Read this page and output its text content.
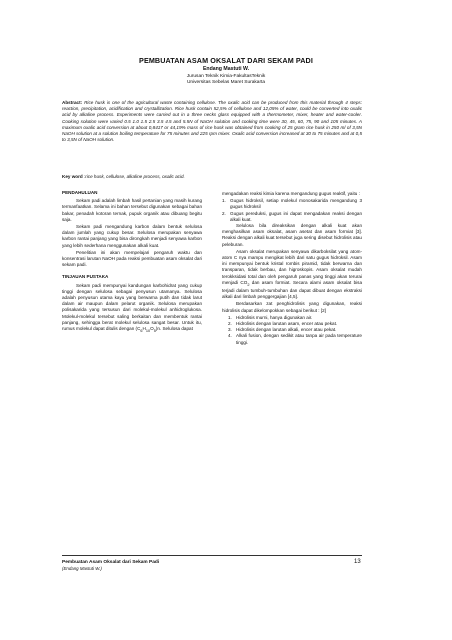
PEMBUATAN ASAM OKSALAT DARI SEKAM PADI
Endang Mastuti W.
Jurusan Teknik Kimia-FakultasTeknik
Universitas Sebelas Maret Surakarta
Abstract: Rice husk is one of the agricultural waste containing cellulose. The oxalic acid can be produced from this material through 4 steps: reaction, precipitation, acidification and crystallization. Rice husk contain 52,5% of cellulose and 12,05% of water, could be converted into oxalic acid by alkaline process. Experiments were carried out in a three necks glass equipped with a thermometer, mixer, heater and water-cooler. Cooking solution were varied 0.5 1.0 1.5 2.5 3.5 4.5 and 5.5N of NaOH solution and cooking time were 30, 45, 60, 75, 90 and 105 minutes. A maximum oxalic acid conversion at about 0,8417 or 44,19% mass of rice husk was obtained from cooking of 25 gram rice husk in 250 ml of 3,5N NaOH solution at a solution boiling temperature for 75 minutes and 225 rpm mixer. Oxalic acid conversion increased at 30 to 75 minutes and at 0,5 to 3,5N of NaOH solution.
Key word :rice husk, cellulose, alkaline process, oxalic acid.
PENDAHULUAN
Sekam padi adalah limbah hasil pertanian yang masih kurang termanfaatkan. Selama ini bahan tersebut digunakan sebagai bahan bakar, penadah kotoran ternak, pupuk organik atau dibuang begitu saja.
Sekam padi mengandung karbon dalam bentuk selulosa dalam jumlah yang cukup besar. Selulosa merupakan senyawa karbon rantai panjang yang bisa dirongkah menjadi senyawa karbon yang lebih sederhana menggunakan alkali kuat.
Penelitian ini akan mempelajari pengaruh waktu dan konsentrasi larutan NaOH pada reaksi pembuatan asam oksalat dari sekam padi.
TINJAUAN PUSTAKA
Sekam padi mempunyai kandungan karbohidrat yang cukup tinggi dengan selulosa sebagai penyusun utamanya. Selulosa adalah penyusun utama kayu yang berwarna putih dan tidak larut dalam air maupun dalam pelarut organik. Selulosa merupakan polisakarida yang tersusun dari molekul-molekul anhidroglukosa. Molekul-molekul tersebut saling berkaitan dan membentuk rantai panjang, sehingga berat molekul selulosa sangat besar. Untuk itu, rumus molekul dapat ditulis dengan $(C_6H_{10}O_5)n$. Selulosa dapat
mengadakan reaksi kimia karena mengandung gugus reaktif, yaitu :
1. Gugus hidroksil, setiap molekul monosakarida mengandung 3 gugus hidroksil
2. Gugus pereduksi, gugus ini dapat mengadakan reaksi dengan alkali kuat.
Selulosa bila direaksikan dengan alkali kuat akan menghasilkan asam oksalat, asam asetat dan asam formiat [3]. Reaksi dengan alkali kuat tersebut juga sering disebut hidrolisis atau peleburan.
Asam oksalat merupakan senyawa dikarboksilat yang atom-atom C nya mampu mengikat lebih dari satu gugus hidroksil. Asam ini mempunyai bentuk kristal rombis piramid, tidak berwarna dan transparan, tidak berbau, dan higroskopis. Asam oksalat mudah terokksidasi total dan oleh pengaruh panas yang tinggi akan terurai menjadi $CO_2$ dan asam formiat. Secara alami asam oksalat bisa terjadi dalam tumbuh-tumbuhan dan dapat dibuat dengan ekstraksi alkali dari limbah penggergajian [4,5].
Berdasarkan zat penghidrolisis yang digunakan, reaksi hidrolisis dapat dikelompokkan sebagai berikut : [2]
1. Hidrolisis murni, hanya digunakan air.
2. Hidrolisis dengan larutan asam, encer atau pekat.
3. Hidrolisis dengan larutan alkali, encer atau pekat.
4. Alkali fusion, dengan sedikit atau tanpa air pada temperature tinggi.
Pembuatan Asam Oksalat dari Sekam Padi
(Endang Mastuti W.)
13
